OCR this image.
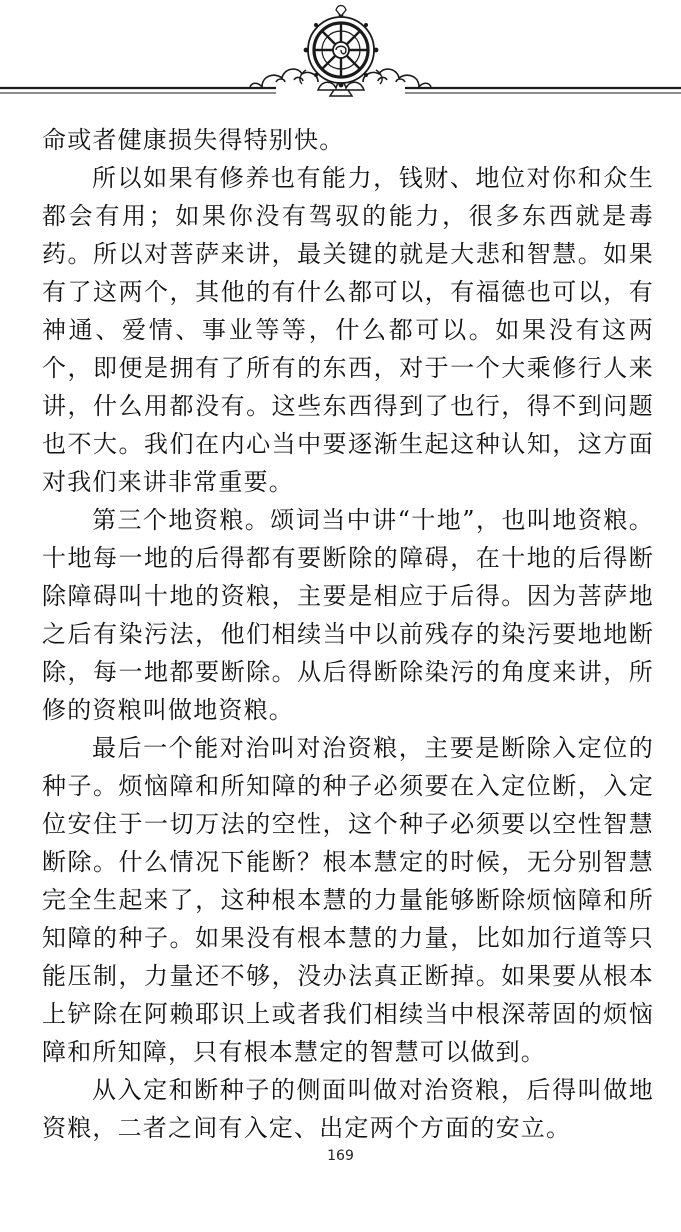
命或者健康损失得特别快。

所以如果有修养也有能力，钱财、地位对你和众生都会有用；如果你没有驾驭的能力，很多东西就是毒药。所以对菩萨来讲，最关键的就是大悲和智慧。如果有了这两个，其他的有什么都可以，有福德也可以，有神通、爱情、事业等等，什么都可以。如果没有这两个，即便是拥有了所有的东西，对于一个大乘修行人来讲，什么用都没有。这些东西得到了也行，得不到问题也不大。我们在内心当中要逐渐生起这种认知，这方面对我们来讲非常重要。

第三个地资粮。颂词当中讲“十地”，也叫地资粮。十地每一地的后得都有要断除的障碍，在十地的后得断除障碍叫十地的资粮，主要是相应于后得。因为菩萨地之后有染污法，他们相续当中以前残存的染污要地地断除，每一地都要断除。从后得断除染污的角度来讲，所修的资粮叫做地资粮。

最后一个能对治叫对治资粮，主要是断除入定位的种子。烦恼障和所知障的种子必须要在入定位断，入定位安住于一切万法的空性，这个种子必须要以空性智慧断除。什么情况下能断？根本慧定的时候，无分别智慧完全生起来了，这种根本慧的力量能够断除烦恼障和所知障的种子。如果没有根本慧的力量，比如加行道等只能压制，力量还不够，没办法真正断掉。如果要从根本上铲除在阿赖耶识上或者我们相续当中根深蒂固的烦恼障和所知障，只有根本慧定的智慧可以做到。

从入定和断种子的侧面叫做对治资粮，后得叫做地资粮，二者之间有入定、出定两个方面的安立。

169
